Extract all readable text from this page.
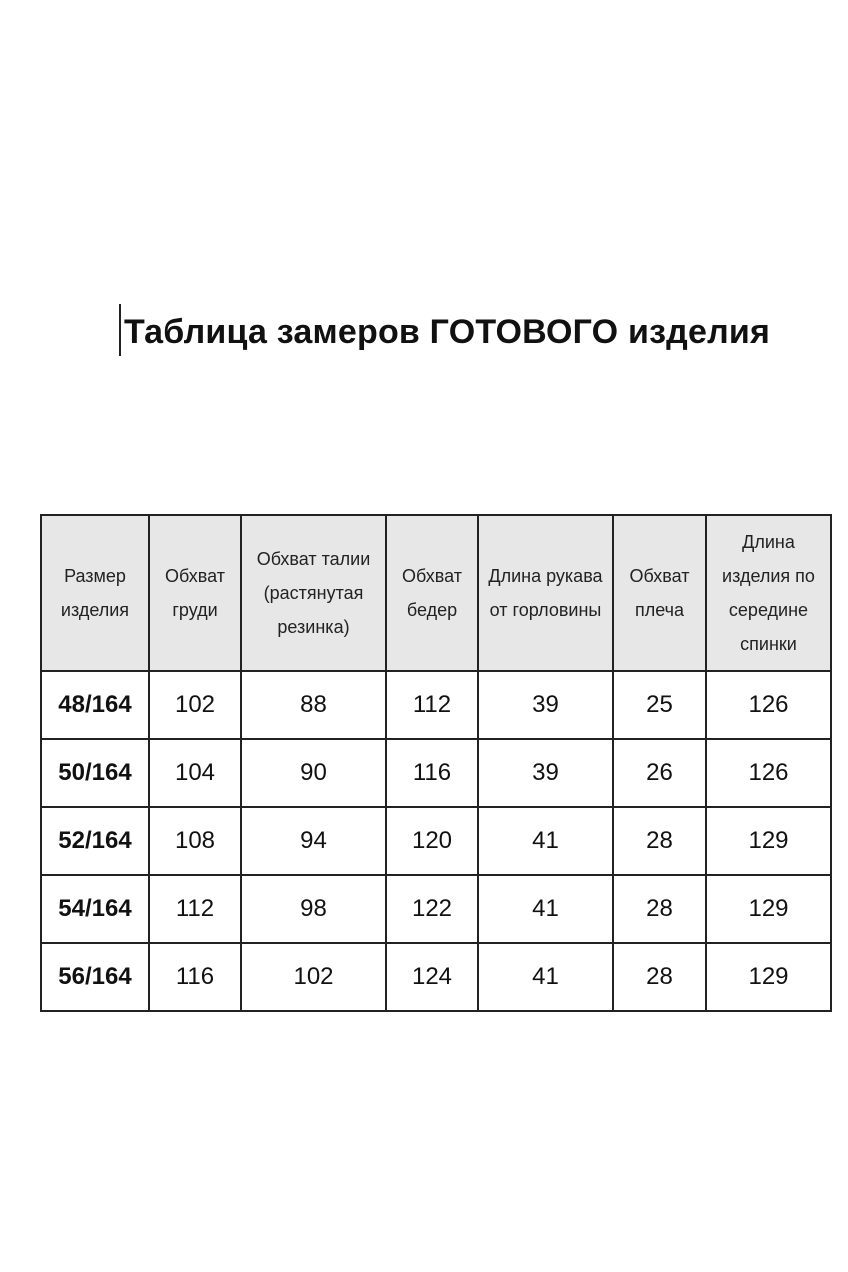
Таблица замеров ГОТОВОГО изделия
Размер изделия	Обхват груди	Обхват талии (растянутая резинка)	Обхват бедер	Длина рукава от горловины	Обхват плеча	Длина изделия по середине спинки
48/164	102	88	112	39	25	126
50/164	104	90	116	39	26	126
52/164	108	94	120	41	28	129
54/164	112	98	122	41	28	129
56/164	116	102	124	41	28	129
